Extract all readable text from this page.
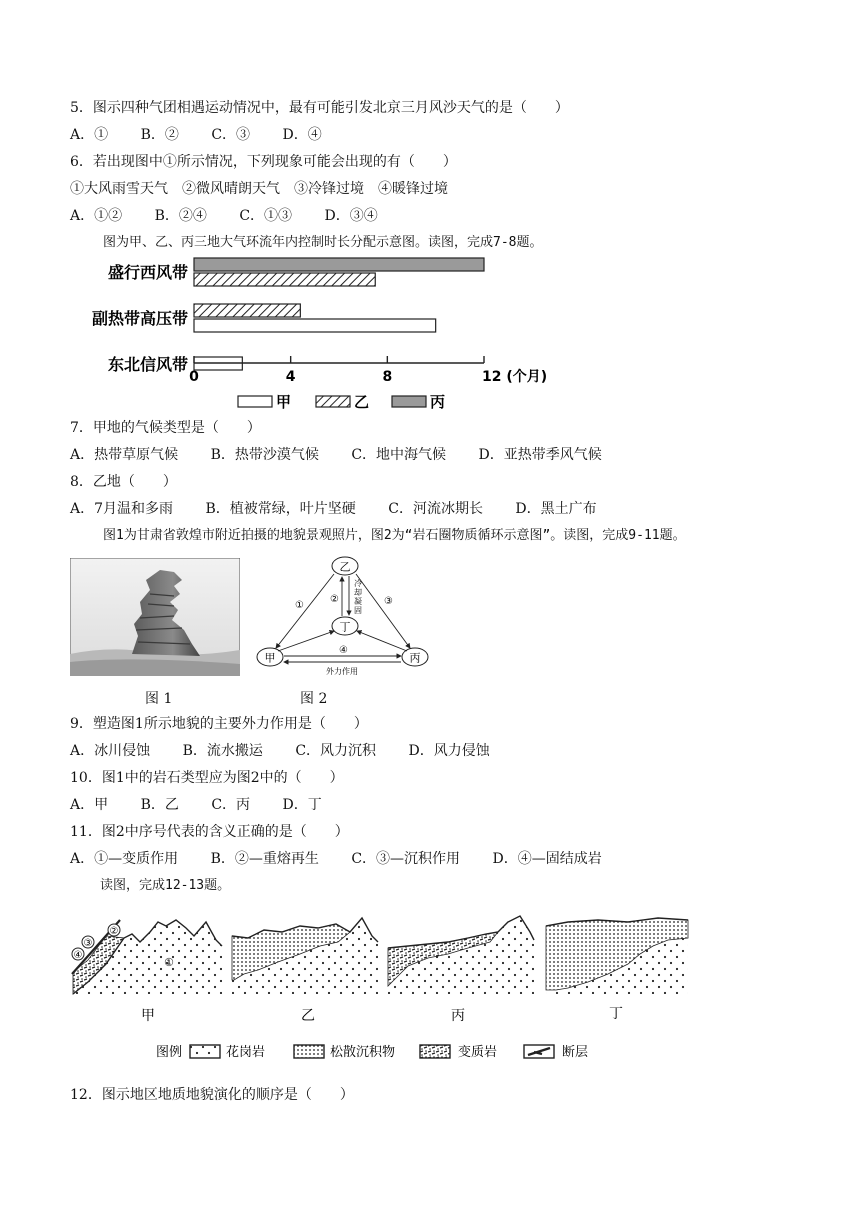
5．图示四种气团相遇运动情况中，最有可能引发北京三月风沙天气的是（　　）
A．① B．② C．③ D．④
6．若出现图中①所示情况，下列现象可能会出现的有（　　）
①大风雨雪天气　②微风晴朗天气　③冷锋过境　④暖锋过境
A．①② B．②④ C．①③ D．③④
图为甲、乙、丙三地大气环流年内控制时长分配示意图。读图，完成7-8题。
盛行西风带
副热带高压带
东北信风带
0	4	8	12 (个月)
甲	乙	丙
7．甲地的气候类型是（　　）
A．热带草原气候 B．热带沙漠气候 C．地中海气候 D．亚热带季风气候
8．乙地（　　）
A．7月温和多雨 B．植被常绿，叶片坚硬 C．河流冰期长 D．黑土广布
图1为甘肃省敦煌市附近拍摄的地貌景观照片，图2为“岩石圈物质循环示意图”。读图，完成9-11题。
图 1
乙
丁
甲	丙
①
②	③
④
外力作用
冷却凝固
图 2
9．塑造图1所示地貌的主要外力作用是（　　）
A．冰川侵蚀 B．流水搬运 C．风力沉积 D．风力侵蚀
10．图1中的岩石类型应为图2中的（　　）
A．甲 B．乙 C．丙 D．丁
11．图2中序号代表的含义正确的是（　　）
A．①—变质作用 B．②—重熔再生 C．③—沉积作用 D．④—固结成岩
读图，完成12-13题。
③
②
④
①
甲	乙	丙	丁
图例	花岗岩	松散沉积物	变质岩	断层
12．图示地区地质地貌演化的顺序是（　　）
